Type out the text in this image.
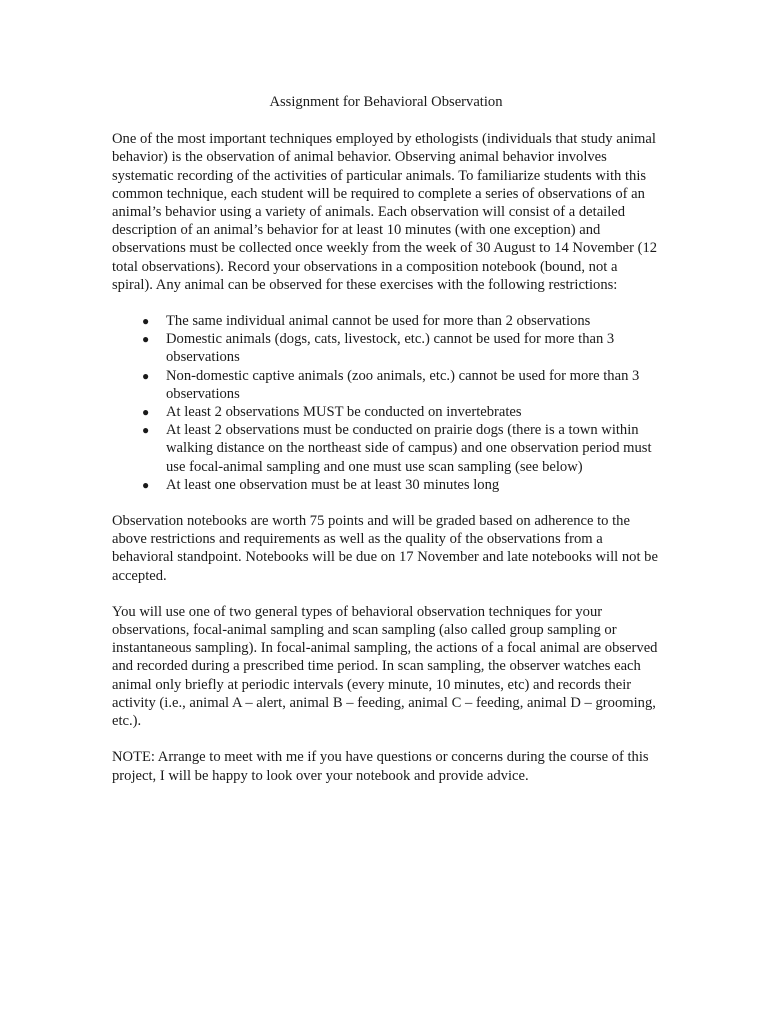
Assignment for Behavioral Observation

One of the most important techniques employed by ethologists (individuals that study animal behavior) is the observation of animal behavior. Observing animal behavior involves systematic recording of the activities of particular animals. To familiarize students with this common technique, each student will be required to complete a series of observations of an animal’s behavior using a variety of animals. Each observation will consist of a detailed description of an animal’s behavior for at least 10 minutes (with one exception) and observations must be collected once weekly from the week of 30 August to 14 November (12 total observations). Record your observations in a composition notebook (bound, not a spiral). Any animal can be observed for these exercises with the following restrictions:

● The same individual animal cannot be used for more than 2 observations
● Domestic animals (dogs, cats, livestock, etc.) cannot be used for more than 3 observations
● Non-domestic captive animals (zoo animals, etc.) cannot be used for more than 3 observations
● At least 2 observations MUST be conducted on invertebrates
● At least 2 observations must be conducted on prairie dogs (there is a town within walking distance on the northeast side of campus) and one observation period must use focal-animal sampling and one must use scan sampling (see below)
● At least one observation must be at least 30 minutes long

Observation notebooks are worth 75 points and will be graded based on adherence to the above restrictions and requirements as well as the quality of the observations from a behavioral standpoint. Notebooks will be due on 17 November and late notebooks will not be accepted.

You will use one of two general types of behavioral observation techniques for your observations, focal-animal sampling and scan sampling (also called group sampling or instantaneous sampling). In focal-animal sampling, the actions of a focal animal are observed and recorded during a prescribed time period. In scan sampling, the observer watches each animal only briefly at periodic intervals (every minute, 10 minutes, etc) and records their activity (i.e., animal A – alert, animal B – feeding, animal C – feeding, animal D – grooming, etc.).

NOTE: Arrange to meet with me if you have questions or concerns during the course of this project, I will be happy to look over your notebook and provide advice.
